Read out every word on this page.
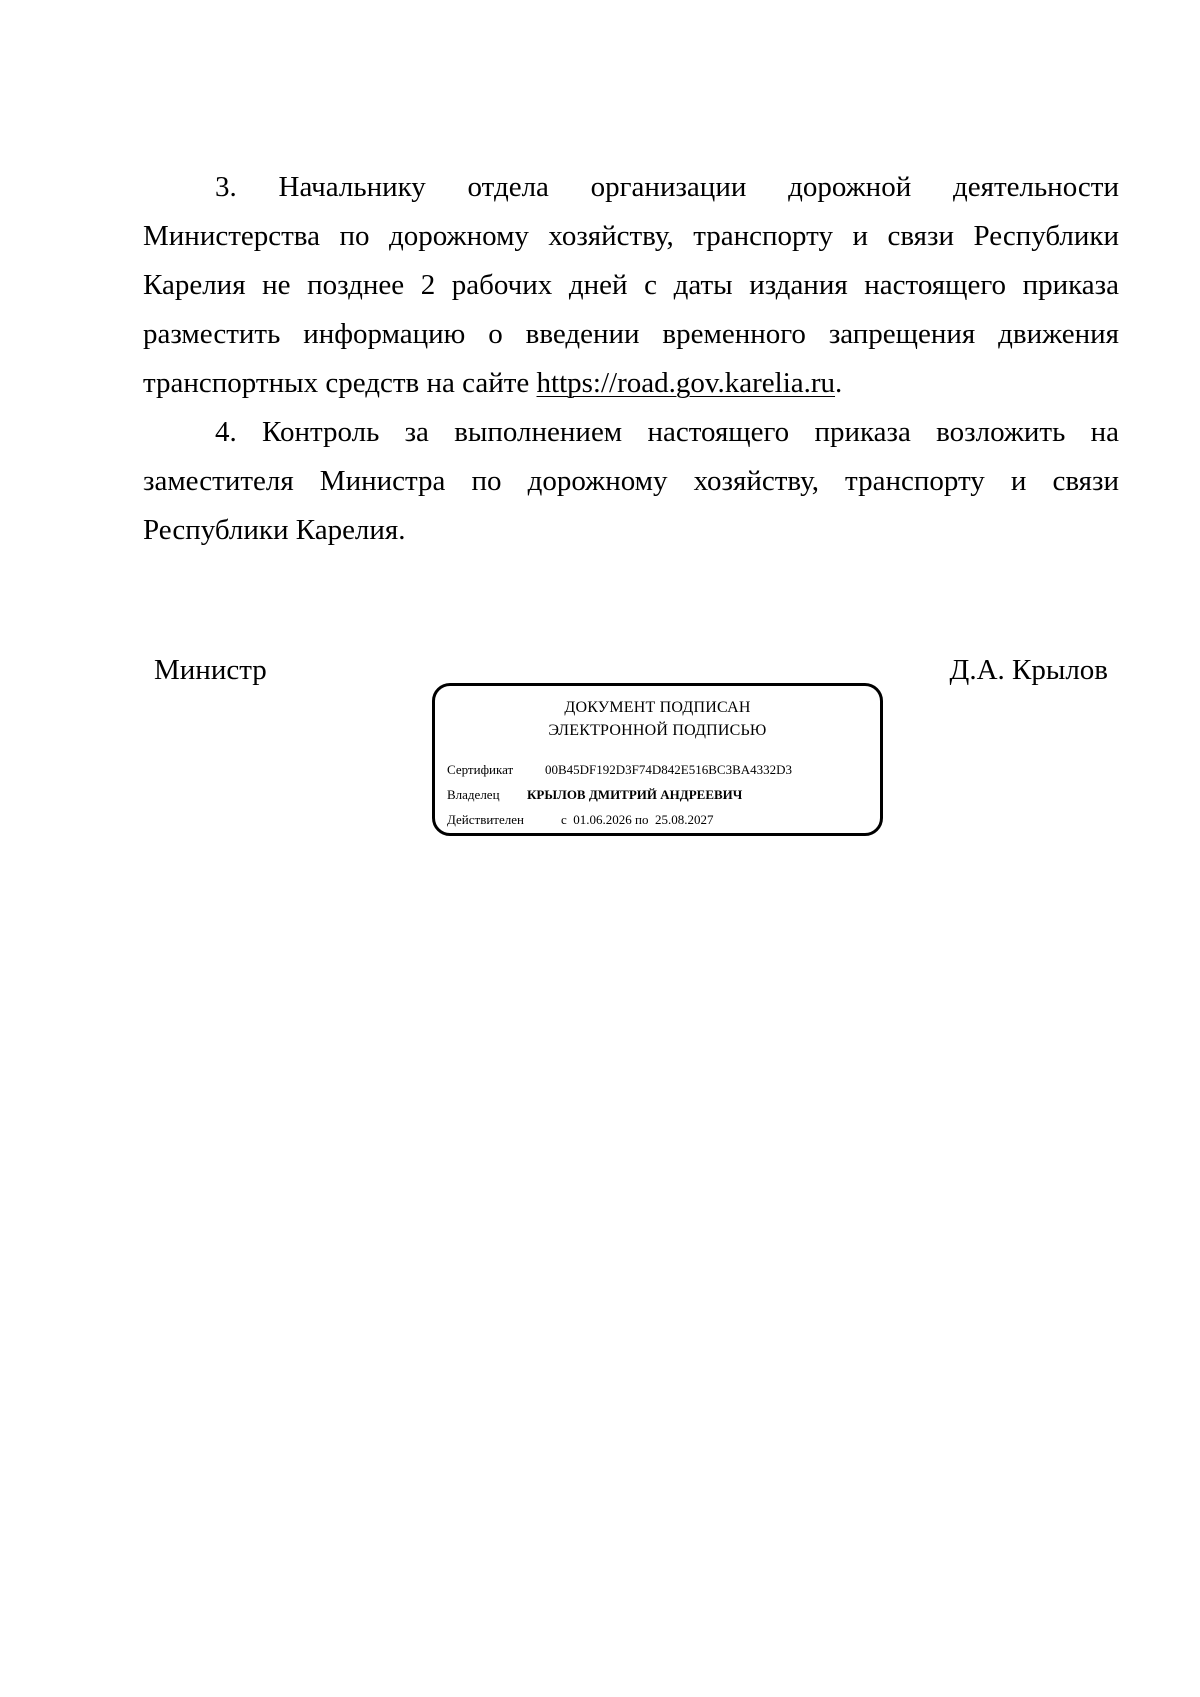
3. Начальнику отдела организации дорожной деятельности Министерства по дорожному хозяйству, транспорту и связи Республики Карелия не позднее 2 рабочих дней с даты издания настоящего приказа разместить информацию о введении временного запрещения движения транспортных средств на сайте https://road.gov.karelia.ru.

4. Контроль за выполнением настоящего приказа возложить на заместителя Министра по дорожному хозяйству, транспорту и связи Республики Карелия.

Министр	Д.А. Крылов
ДОКУМЕНТ ПОДПИСАН
ЭЛЕКТРОННОЙ ПОДПИСЬЮ
Сертификат 00B45DF192D3F74D842E516BC3BA4332D3
Владелец КРЫЛОВ ДМИТРИЙ АНДРЕЕВИЧ
Действителен	с  01.06.2026 по  25.08.2027
